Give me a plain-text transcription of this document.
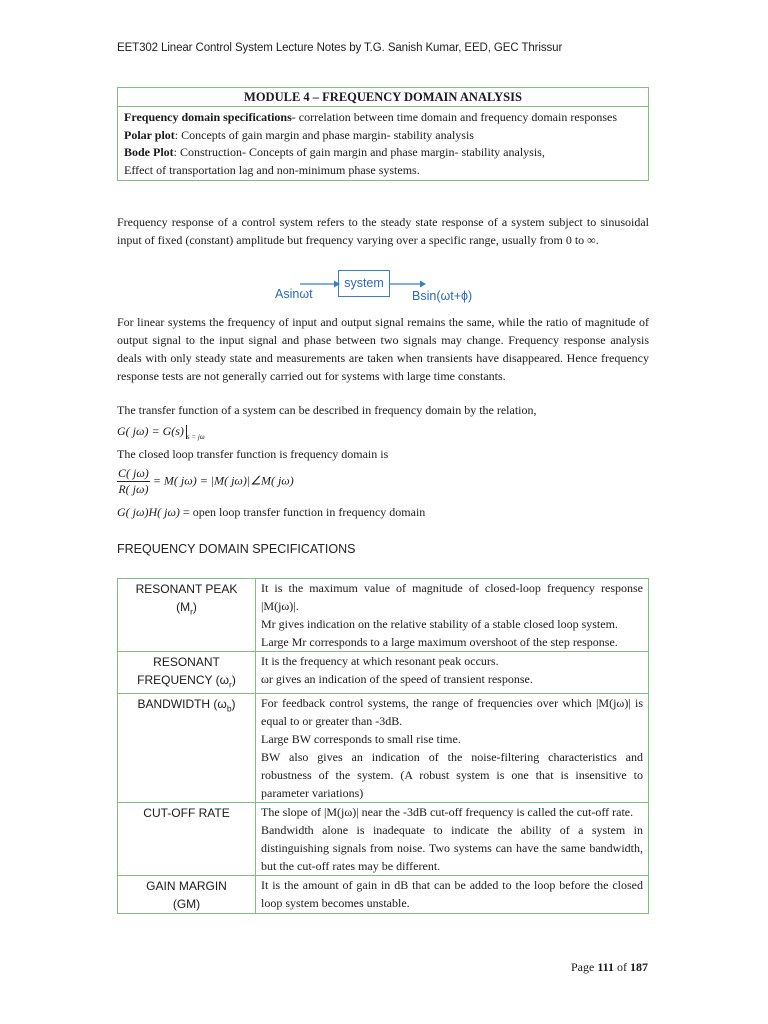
EET302 Linear Control System Lecture Notes by T.G. Sanish Kumar, EED, GEC Thrissur
MODULE 4 – FREQUENCY DOMAIN ANALYSIS
Frequency domain specifications- correlation between time domain and frequency domain responses
Polar plot: Concepts of gain margin and phase margin- stability analysis
Bode Plot: Construction- Concepts of gain margin and phase margin- stability analysis,
Effect of transportation lag and non-minimum phase systems.

Frequency response of a control system refers to the steady state response of a system subject to sinusoidal input of fixed (constant) amplitude but frequency varying over a specific range, usually from 0 to ∞.

system
Asinωt	Bsin(ωt+ϕ)

For linear systems the frequency of input and output signal remains the same, while the ratio of magnitude of output signal to the input signal and phase between two signals may change. Frequency response analysis deals with only steady state and measurements are taken when transients have disappeared. Hence frequency response tests are not generally carried out for systems with large time constants.

The transfer function of a system can be described in frequency domain by the relation,
G( jω) = G(s) $_{s = j\omega}$
The closed loop transfer function is frequency domain is
$\frac{C( j\omega)}{R( j\omega)} = M$( jω) = |M( jω)|∠M( jω)
G( jω)H( jω) = open loop transfer function in frequency domain
FREQUENCY DOMAIN SPECIFICATIONS
RESONANT PEAK
$(M_r)$	It is the maximum value of magnitude of closed-loop frequency response |M(jω)|.
Mr gives indication on the relative stability of a stable closed loop system.
Large Mr corresponds to a large maximum overshoot of the step response.

RESONANT
FREQUENCY $(\omega_r)$	It is the frequency at which resonant peak occurs.
ωr gives an indication of the speed of transient response.

BANDWIDTH $(\omega_b)$	For feedback control systems, the range of frequencies over which |M(jω)| is equal to or greater than -3dB.
Large BW corresponds to small rise time.
BW also gives an indication of the noise-filtering characteristics and robustness of the system. (A robust system is one that is insensitive to parameter variations)

CUT-OFF RATE	The slope of |M(jω)| near the -3dB cut-off frequency is called the cut-off rate.
Bandwidth alone is inadequate to indicate the ability of a system in distinguishing signals from noise. Two systems can have the same bandwidth, but the cut-off rates may be different.

GAIN MARGIN
(GM)	It is the amount of gain in dB that can be added to the loop before the closed loop system becomes unstable.
Page 111 of 187
